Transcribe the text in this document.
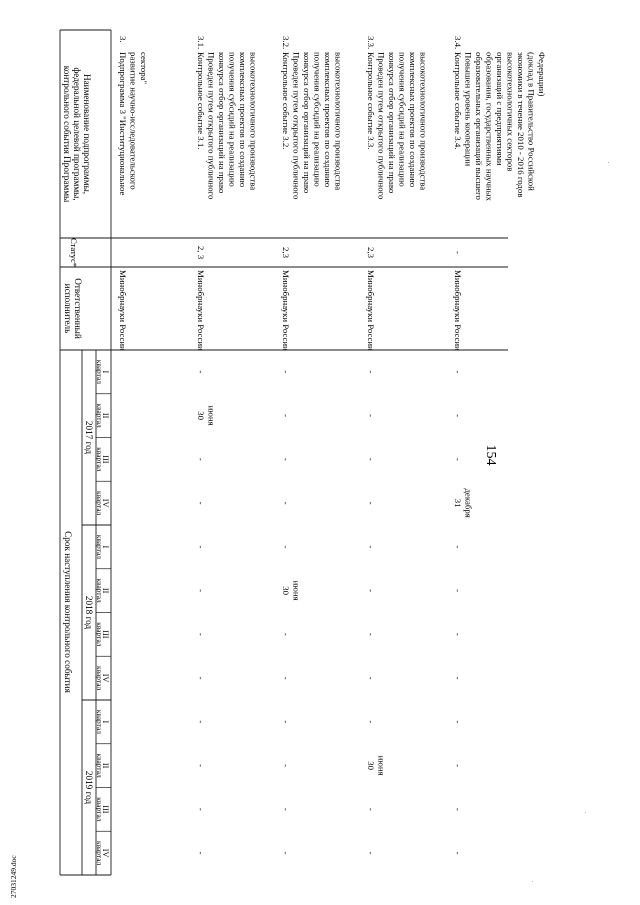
154
Наименование подпрограммы,
федеральной целевой программы,
контрольного события Программы
Статус*
Ответственный
исполнитель
Срок наступления контрольного события
2017 год
2018 год
2019 год
I
квартал
II
квартал
III
квартал
IV
квартал
I
квартал
II
квартал
III
квартал
IV
квартал
I
квартал
II
квартал
III
квартал
IV
квартал
3.
Подпрограмма 3 "Институциональное развитие научно-исследовательского сектора"
Минобрнауки России
3.1.
Контрольное событие 3.1. Проведен путем открытого публичного конкурса отбор организаций на право получения субсидий на реализацию комплексных проектов по созданию высокотехнологичного производства
2, 3
Минобрнауки России
-
30 июня
-
-
-
-
-
-
-
-
-
-
3.2.
Контрольное событие 3.2. Проведен путем открытого публичного конкурса отбор организаций на право получения субсидий на реализацию комплексных проектов по созданию высокотехнологичного производства
2,3
Минобрнауки России
-
-
-
-
-
30 июня
-
-
-
-
-
-
3.3.
Контрольное событие 3.3. Проведен путем открытого публичного конкурса отбор организаций на право получения субсидий на реализацию комплексных проектов по созданию высокотехнологичного производства
2,3
Минобрнауки России
-
-
-
-
-
-
-
-
-
30 июня
-
-
3.4.
Контрольное событие 3.4. Повышен уровень кооперации образовательных организаций высшего образования, государственных научных организаций с предприятиями высокотехнологичных секторов экономики в течение 2010 - 2016 годов (доклад в Правительство Российской Федерации)
-
Минобрнауки России
-
-
-
31 декабря
-
-
-
-
-
-
-
-
27031249.doc
